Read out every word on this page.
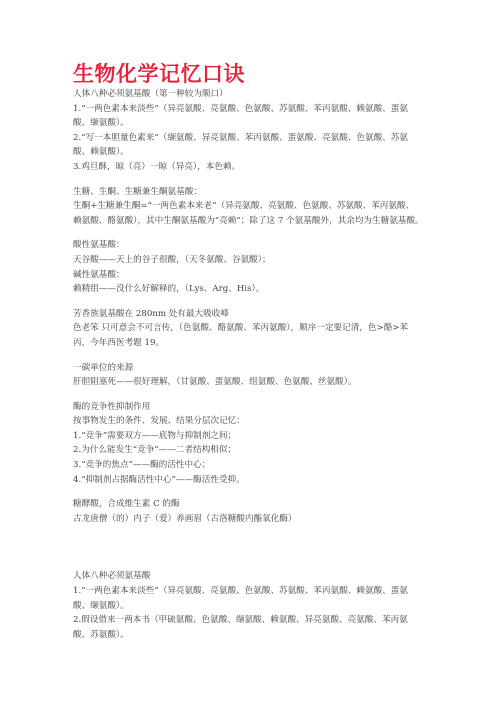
生物化学记忆口诀
人体八种必须氨基酸（第一种较为顺口）
1.“一两色素本来淡些”（异亮氨酸、亮氨酸、色氨酸、苏氨酸、苯丙氨酸、赖氨酸、蛋氨
酸、缬氨酸）。
2.“写一本胆量色素来”（缬氨酸、异亮氨酸、苯丙氨酸、蛋氨酸、亮氨酸、色氨酸、苏氨
酸、赖氨酸）。
3.鸡旦酥，晾（亮）一晾（异亮），本色赖。
生糖、生酮、生糖兼生酮氨基酸：
生酮+生糖兼生酮=“一两色素本来老”（异亮氨酸、亮氨酸、色氨酸、苏氨酸、苯丙氨酸、
赖氨酸、酪氨酸），其中生酮氨基酸为“亮赖”；除了这 7 个氨基酸外，其余均为生糖氨基酸。
酸性氨基酸：
天谷酸——天上的谷子很酸，（天冬氨酸、谷氨酸）；
碱性氨基酸：
赖精组——没什么好解释的，（Lys、Arg、His）。
芳香族氨基酸在 280nm 处有最大吸收峰
色老笨 只可意会不可言传，（色氨酸、酪氨酸、苯丙氨酸），顺序一定要记清，色>酪>苯
丙，今年西医考题 19。
一碳单位的来源
肝胆阻塞死——很好理解，（甘氨酸、蛋氨酸、组氨酸、色氨酸、丝氨酸）。
酶的竞争性抑制作用
按事物发生的条件、发展、结果分层次记忆：
1.“竞争”需要双方——底物与抑制剂之间；
2.为什么能发生“竞争”——二者结构相似；
3.“竞争的焦点”——酶的活性中心；
4.“抑制剂占据酶活性中心”——酶活性受抑。
糖酵酸，合成维生素 C 的酶
古龙唐僧（的）内子（爱）养画眉（古洛糖酸内酯氧化酶）
人体八种必须氨基酸
1.“一两色素本来淡些”（异亮氨酸、亮氨酸、色氨酸、苏氨酸、苯丙氨酸、赖氨酸、蛋氨
酸、缬氨酸）。
2.假设借来一两本书（甲硫氨酸、色氨酸、缬氨酸、赖氨酸、异亮氨酸、亮氨酸、苯丙氨
酸、苏氨酸）。
